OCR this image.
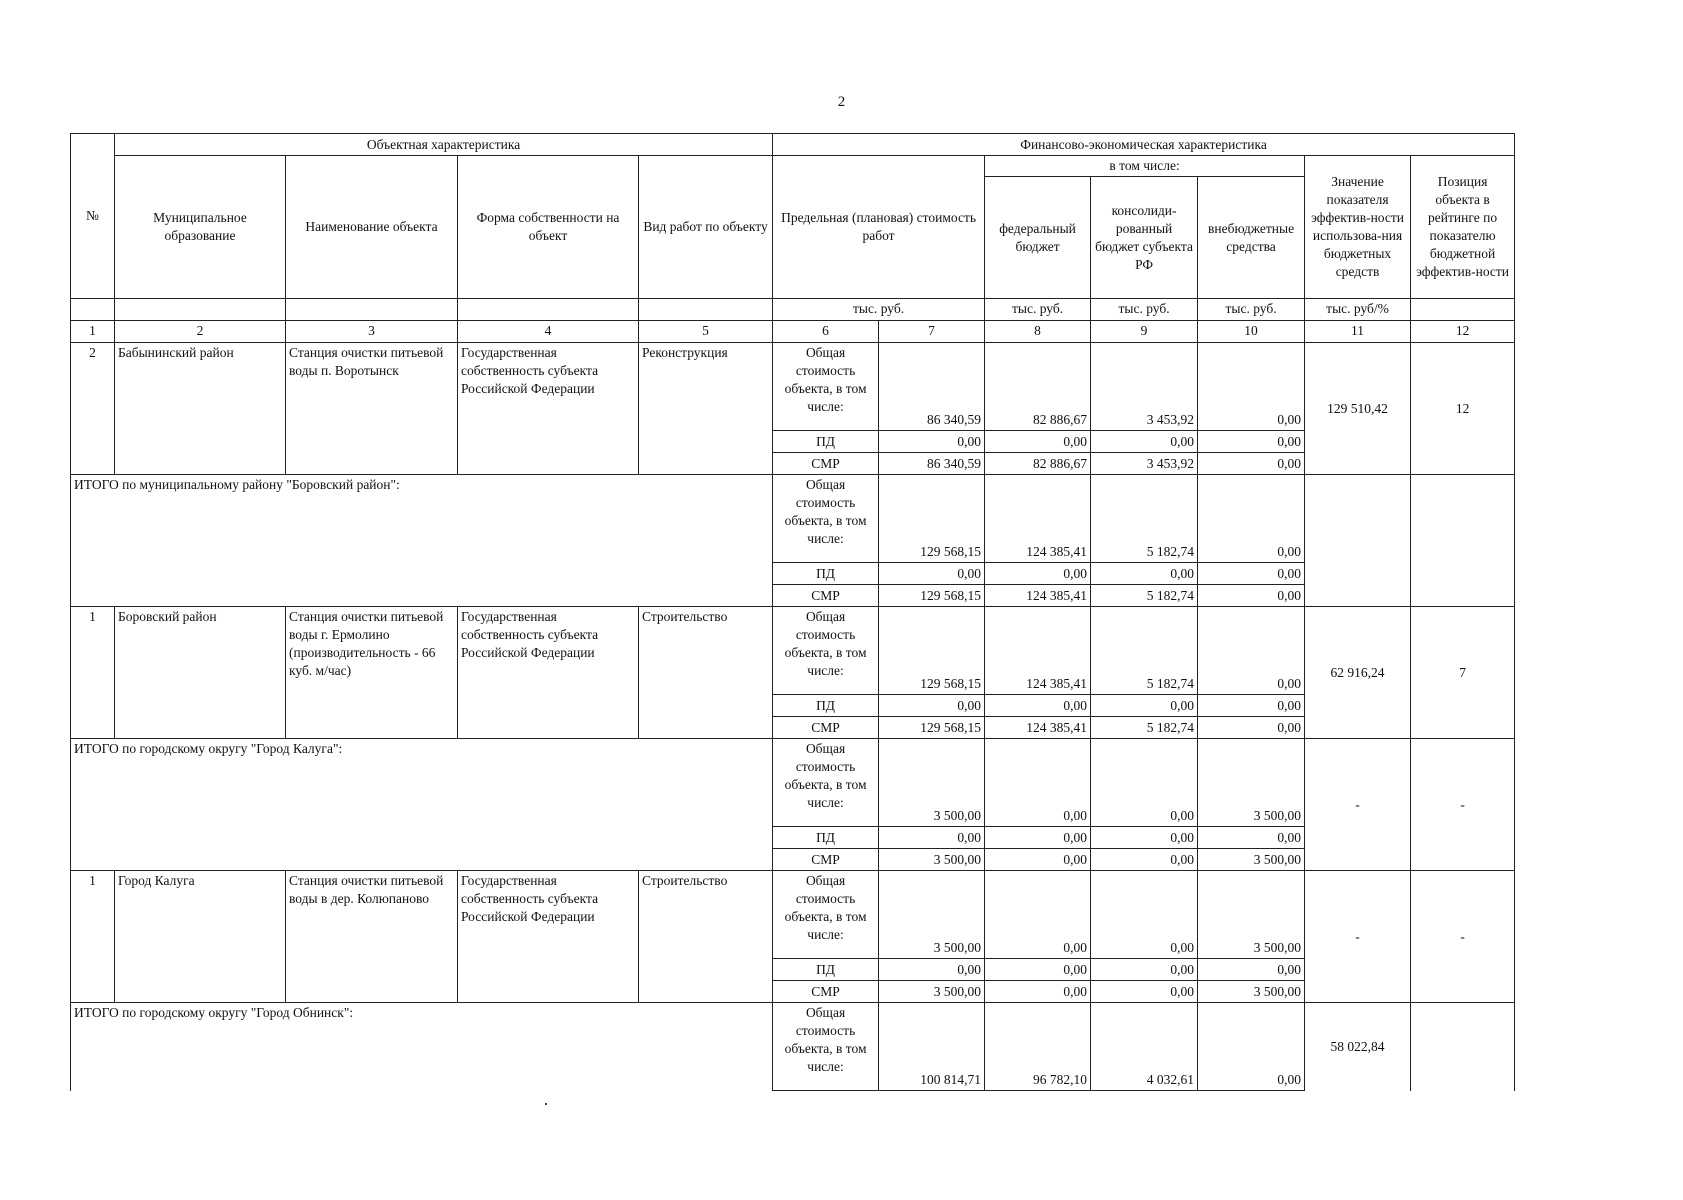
2
№	Объектная характеристика				Финансово-экономическая характеристика						
	Муниципальное образование	Наименование объекта	Форма собственности на объект	Вид работ по объекту	Предельная (плановая) стоимость работ		в том числе:			Значение показателя эффектив-ности использова-ния бюджетных средств	Позиция объекта в рейтинге по показателю бюджетной эффектив-ности
							федеральный бюджет	консолиди-рованный бюджет субъекта РФ	внебюджетные средства		
					тыс. руб.		тыс. руб.	тыс. руб.	тыс. руб.	тыс. руб/%	
1	2	3	4	5	6	7	8	9	10	11	12
2	Бабынинский район	Станция очистки питьевой воды п. Воротынск	Государственная собственность субъекта Российской Федерации	Реконструкция	Общая стоимость объекта, в том числе:	86 340,59	82 886,67	3 453,92	0,00	129 510,42	12
					ПД	0,00	0,00	0,00	0,00		
					СМР	86 340,59	82 886,67	3 453,92	0,00		
ИТОГО по муниципальному району "Боровский район":					Общая стоимость объекта, в том числе:	129 568,15	124 385,41	5 182,74	0,00		
					ПД	0,00	0,00	0,00	0,00		
					СМР	129 568,15	124 385,41	5 182,74	0,00		
1	Боровский район	Станция очистки питьевой воды г. Ермолино (производительность - 66 куб. м/час)	Государственная собственность субъекта Российской Федерации	Строительство	Общая стоимость объекта, в том числе:	129 568,15	124 385,41	5 182,74	0,00	62 916,24	7
					ПД	0,00	0,00	0,00	0,00		
					СМР	129 568,15	124 385,41	5 182,74	0,00		
ИТОГО по городскому округу "Город Калуга":					Общая стоимость объекта, в том числе:	3 500,00	0,00	0,00	3 500,00	-	-
					ПД	0,00	0,00	0,00	0,00		
					СМР	3 500,00	0,00	0,00	3 500,00		
1	Город Калуга	Станция очистки питьевой воды в дер. Колюпаново	Государственная собственность субъекта Российской Федерации	Строительство	Общая стоимость объекта, в том числе:	3 500,00	0,00	0,00	3 500,00	-	-
					ПД	0,00	0,00	0,00	0,00		
					СМР	3 500,00	0,00	0,00	3 500,00		
ИТОГО по городскому округу "Город Обнинск":					Общая стоимость объекта, в том числе:	100 814,71	96 782,10	4 032,61	0,00	58 022,84	
